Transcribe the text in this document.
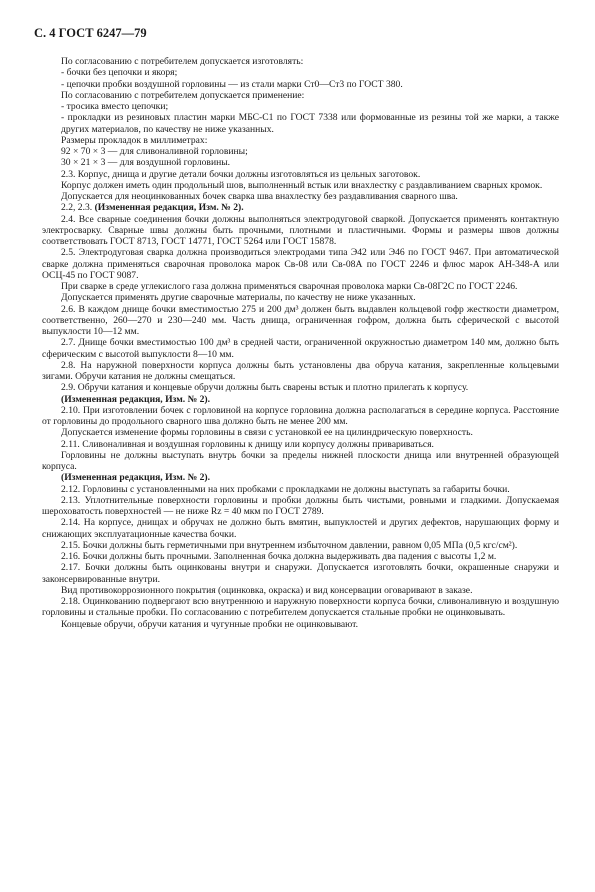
С. 4 ГОСТ 6247—79

По согласованию с потребителем допускается изготовлять:

- бочки без цепочки и якоря;

- цепочки пробки воздушной горловины — из стали марки Ст0—Ст3 по ГОСТ 380.

По согласованию с потребителем допускается применение:

- тросика вместо цепочки;

- прокладки из резиновых пластин марки МБС-С1 по ГОСТ 7338 или формованные из резины той же марки, а также других материалов, по качеству не ниже указанных.

Размеры прокладок в миллиметрах:

92 × 70 × 3 — для сливоналивной горловины;

30 × 21 × 3 — для воздушной горловины.

2.3. Корпус, днища и другие детали бочки должны изготовляться из цельных заготовок.

Корпус должен иметь один продольный шов, выполненный встык или внахлестку с раздавливанием сварных кромок.

Допускается для неоцинкованных бочек сварка шва внахлестку без раздавливания сварного шва.

2.2, 2.3. (Измененная редакция, Изм. № 2).

2.4. Все сварные соединения бочки должны выполняться электродуговой сваркой. Допускается применять контактную электросварку. Сварные швы должны быть прочными, плотными и пластичными. Формы и размеры швов должны соответствовать ГОСТ 8713, ГОСТ 14771, ГОСТ 5264 или ГОСТ 15878.

2.5. Электродуговая сварка должна производиться электродами типа Э42 или Э46 по ГОСТ 9467. При автоматической сварке должна применяться сварочная проволока марок Св-08 или Св-08А по ГОСТ 2246 и флюс марок АН-348-А или ОСЦ-45 по ГОСТ 9087.

При сварке в среде углекислого газа должна применяться сварочная проволока марки Св-08Г2С по ГОСТ 2246.

Допускается применять другие сварочные материалы, по качеству не ниже указанных.

2.6. В каждом днище бочки вместимостью 275 и 200 дм³ должен быть выдавлен кольцевой гофр жесткости диаметром, соответственно, 260—270 и 230—240 мм. Часть днища, ограниченная гофром, должна быть сферической с высотой выпуклости 10—12 мм.

2.7. Днище бочки вместимостью 100 дм³ в средней части, ограниченной окружностью диаметром 140 мм, должно быть сферическим с высотой выпуклости 8—10 мм.

2.8. На наружной поверхности корпуса должны быть установлены два обруча катания, закрепленные кольцевыми зигами. Обручи катания не должны смещаться.

2.9. Обручи катания и концевые обручи должны быть сварены встык и плотно прилегать к корпусу.

(Измененная редакция, Изм. № 2).

2.10. При изготовлении бочек с горловиной на корпусе горловина должна располагаться в середине корпуса. Расстояние от горловины до продольного сварного шва должно быть не менее 200 мм.

Допускается изменение формы горловины в связи с установкой ее на цилиндрическую поверхность.

2.11. Сливоналивная и воздушная горловины к днищу или корпусу должны привариваться.

Горловины не должны выступать внутрь бочки за пределы нижней плоскости днища или внутренней образующей корпуса.

(Измененная редакция, Изм. № 2).

2.12. Горловины с установленными на них пробками с прокладками не должны выступать за габариты бочки.

2.13. Уплотнительные поверхности горловины и пробки должны быть чистыми, ровными и гладкими. Допускаемая шероховатость поверхностей — не ниже Rz = 40 мкм по ГОСТ 2789.

2.14. На корпусе, днищах и обручах не должно быть вмятин, выпуклостей и других дефектов, нарушающих форму и снижающих эксплуатационные качества бочки.

2.15. Бочки должны быть герметичными при внутреннем избыточном давлении, равном 0,05 МПа (0,5 кгс/см²).

2.16. Бочки должны быть прочными. Заполненная бочка должна выдерживать два падения с высоты 1,2 м.

2.17. Бочки должны быть оцинкованы внутри и снаружи. Допускается изготовлять бочки, окрашенные снаружи и законсервированные внутри.

Вид противокоррозионного покрытия (оцинковка, окраска) и вид консервации оговаривают в заказе.

2.18. Оцинкованию подвергают всю внутреннюю и наружную поверхности корпуса бочки, сливоналивную и воздушную горловины и стальные пробки. По согласованию с потребителем допускается стальные пробки не оцинковывать.

Концевые обручи, обручи катания и чугунные пробки не оцинковывают.
